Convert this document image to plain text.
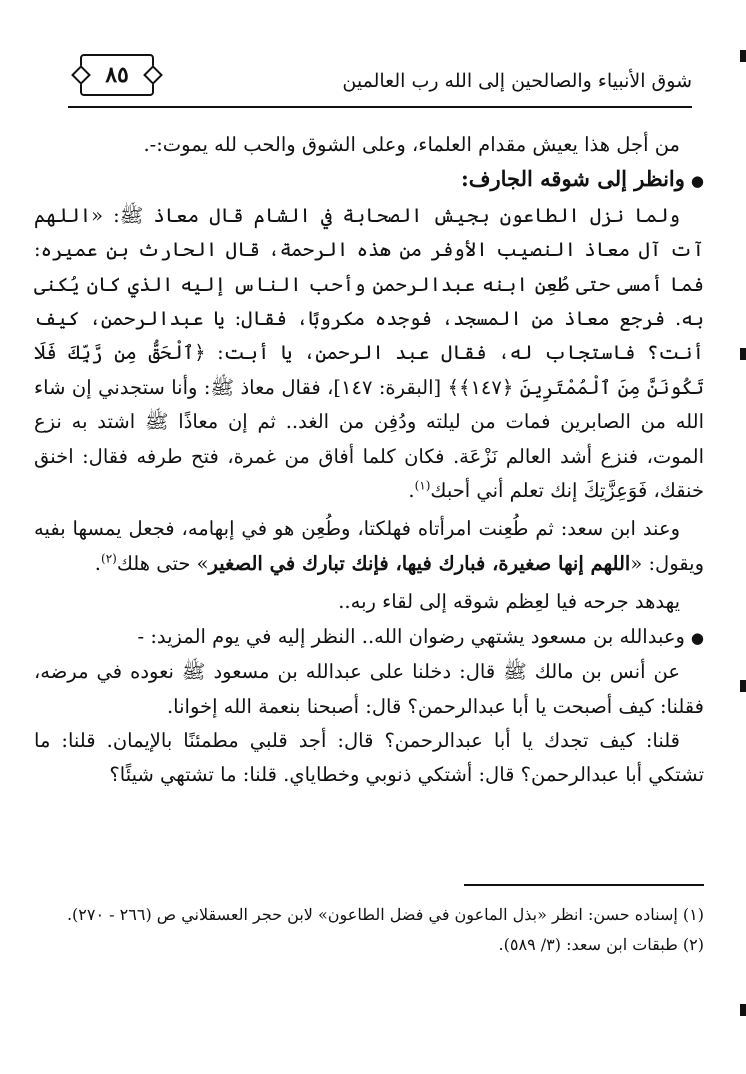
شوق الأنبياء والصالحين إلى الله رب العالمين
٨٥

من أجل هذا يعيش مقدام العلماء، وعلى الشوق والحب لله يموت:-.

●وانظر إلى شوقه الجارف:

ولما نزل الطاعون بجيش الصحابة في الشام قال معاذ ﷺ: «اللهم آت آل معاذ النصيب الأوفر من هذه الرحمة، قال الحارث بن عميره: فما أمسى حتى طُعِن ابنه عبدالرحمن وأحب الناس إليه الذي كان يُكنى به. فرجع معاذ من المسجد، فوجده مكروبًا، فقال: يا عبدالرحمن، كيف أنت؟ فاستجاب له، فقال عبد الرحمن، يا أبت: ﴿ٱلْحَقُّ مِن رَّبِّكَ فَلَا تَكُونَنَّ مِنَ ٱلْمُمْتَرِينَ ﴿١٤٧﴾﴾ [البقرة: ١٤٧]، فقال معاذ ﷺ: وأنا ستجدني إن شاء الله من الصابرين فمات من ليلته ودُفِن من الغد.. ثم إن معاذًا ﷺ اشتد به نزع الموت، فنزع أشد العالم نَزْعَة. فكان كلما أفاق من غمرة، فتح طرفه فقال: اخنق خنقك، فَوَعِزَّتِكَ إنك تعلم أني أحبك$^{(١)}$.

وعند ابن سعد: ثم طُعِنت امرأتاه فهلكتا، وطُعِن هو في إبهامه، فجعل يمسها بفيه ويقول: «اللهم إنها صغيرة، فبارك فيها، فإنك تبارك في الصغير» حتى هلك$^{(٢)}$.

يهدهد جرحه فيا لعِظم شوقه إلى لقاء ربه..

●وعبدالله بن مسعود يشتهي رضوان الله.. النظر إليه في يوم المزيد: -

عن أنس بن مالك ﷺ قال: دخلنا على عبدالله بن مسعود ﷺ نعوده في مرضه، فقلنا: كيف أصبحت يا أبا عبدالرحمن؟ قال: أصبحنا بنعمة الله إخوانا.

قلنا: كيف تجدك يا أبا عبدالرحمن؟ قال: أجد قلبي مطمئنًا بالإيمان. قلنا: ما تشتكي أبا عبدالرحمن؟ قال: أشتكي ذنوبي وخطاياي. قلنا: ما تشتهي شيئًا؟

(١) إسناده حسن: انظر «بذل الماعون في فضل الطاعون» لابن حجر العسقلاني ص (٢٦٦ - ٢٧٠).

(٢) طبقات ابن سعد: (٣/ ٥٨٩).
